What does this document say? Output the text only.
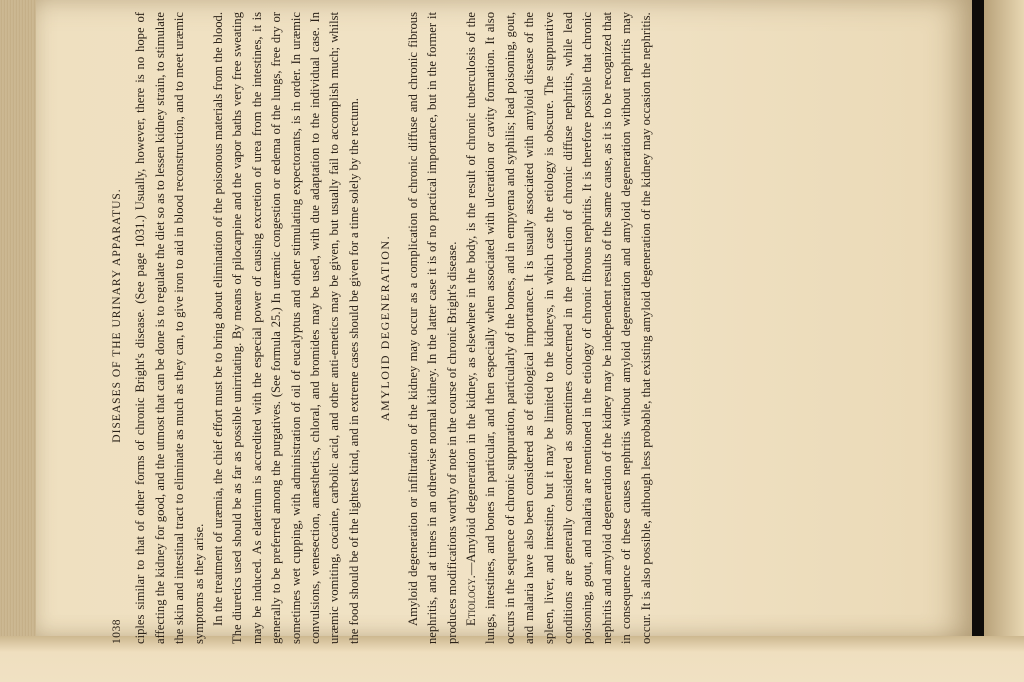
1038
DISEASES OF THE URINARY APPARATUS. ciples similar to that of other forms of chronic Bright's disease. (See page 1031.) Usually, however, there is no hope of affecting the kidney for good, and the utmost that can be done is to regulate the diet so as to lessen kidney strain, to stimulate the skin and intestinal tract to eliminate as much as they can, to give iron to aid in blood reconstruction, and to meet uræmic symptoms as they arise. In the treatment of uræmia, the chief effort must be to bring about elimination of the poisonous materials from the blood. The diuretics used should be as far as possible unirritating. By means of pilocarpine and the vapor baths very free sweating may be induced. As elaterium is accredited with the especial power of causing excretion of urea from the intestines, it is generally to be preferred among the purgatives. (See formula 25.) In uræmic congestion or œdema of the lungs, free dry or sometimes wet cupping, with administration of oil of eucalyptus and other stimulating expectorants, is in order. In uræmic convulsions, venesection, anæsthetics, chloral, and bromides may be used, with due adaptation to the individual case. In uræmic vomiting, cocaine, carbolic acid, and other anti-emetics may be given, but usually fail to accomplish much; whilst the food should be of the lightest kind, and in extreme cases should be given for a time solely by the rectum. AMYLOID DEGENERATION. Amyloid degeneration or infiltration of the kidney may occur as a complication of chronic diffuse and chronic fibrous nephritis, and at times in an otherwise normal kidney. In the latter case it is of no practical importance, but in the former it produces modifications worthy of note in the course of chronic Bright's disease. Etiology.—Amyloid degeneration in the kidney, as elsewhere in the body, is the result of chronic tuberculosis of the lungs, intestines, and bones in particular, and then especially when associated with ulceration or cavity formation. It also occurs in the sequence of chronic suppuration, particularly of the bones, and in empyema and syphilis; lead poisoning, gout, and malaria have also been considered as of etiological importance. It is usually associated with amyloid disease of the spleen, liver, and intestine, but it may be limited to the kidneys, in which case the etiology is obscure. The suppurative conditions are generally considered as sometimes concerned in the production of chronic diffuse nephritis, while lead poisoning, gout, and malaria are mentioned in the etiology of chronic fibrous nephritis. It is therefore possible that chronic nephritis and amyloid degeneration of the kidney may be independent results of the same cause, as it is to be recognized that in consequence of these causes nephritis without amyloid degeneration and amyloid degeneration without nephritis may occur. It is also possible, although less probable, that existing amyloid degeneration of the kidney may occasion the nephritis.
